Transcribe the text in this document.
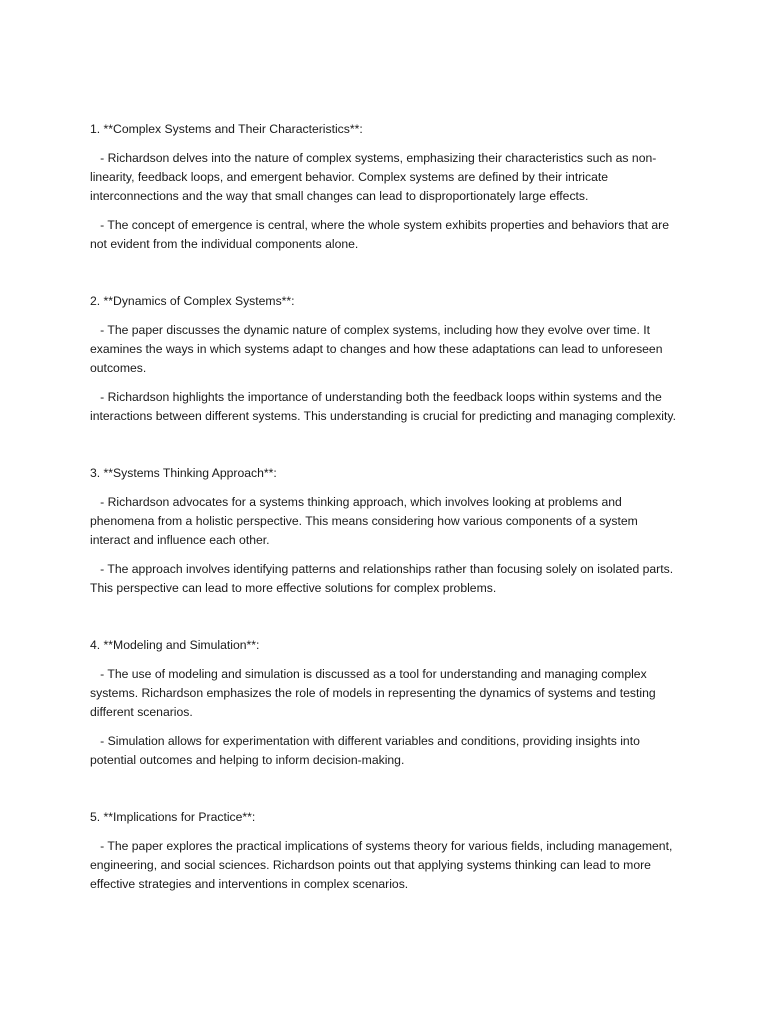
1. **Complex Systems and Their Characteristics**:

- Richardson delves into the nature of complex systems, emphasizing their characteristics such as non-linearity, feedback loops, and emergent behavior. Complex systems are defined by their intricate interconnections and the way that small changes can lead to disproportionately large effects.

- The concept of emergence is central, where the whole system exhibits properties and behaviors that are not evident from the individual components alone.

2. **Dynamics of Complex Systems**:

- The paper discusses the dynamic nature of complex systems, including how they evolve over time. It examines the ways in which systems adapt to changes and how these adaptations can lead to unforeseen outcomes.

- Richardson highlights the importance of understanding both the feedback loops within systems and the interactions between different systems. This understanding is crucial for predicting and managing complexity.

3. **Systems Thinking Approach**:

- Richardson advocates for a systems thinking approach, which involves looking at problems and phenomena from a holistic perspective. This means considering how various components of a system interact and influence each other.

- The approach involves identifying patterns and relationships rather than focusing solely on isolated parts. This perspective can lead to more effective solutions for complex problems.

4. **Modeling and Simulation**:

- The use of modeling and simulation is discussed as a tool for understanding and managing complex systems. Richardson emphasizes the role of models in representing the dynamics of systems and testing different scenarios.

- Simulation allows for experimentation with different variables and conditions, providing insights into potential outcomes and helping to inform decision-making.

5. **Implications for Practice**:

- The paper explores the practical implications of systems theory for various fields, including management, engineering, and social sciences. Richardson points out that applying systems thinking can lead to more effective strategies and interventions in complex scenarios.
